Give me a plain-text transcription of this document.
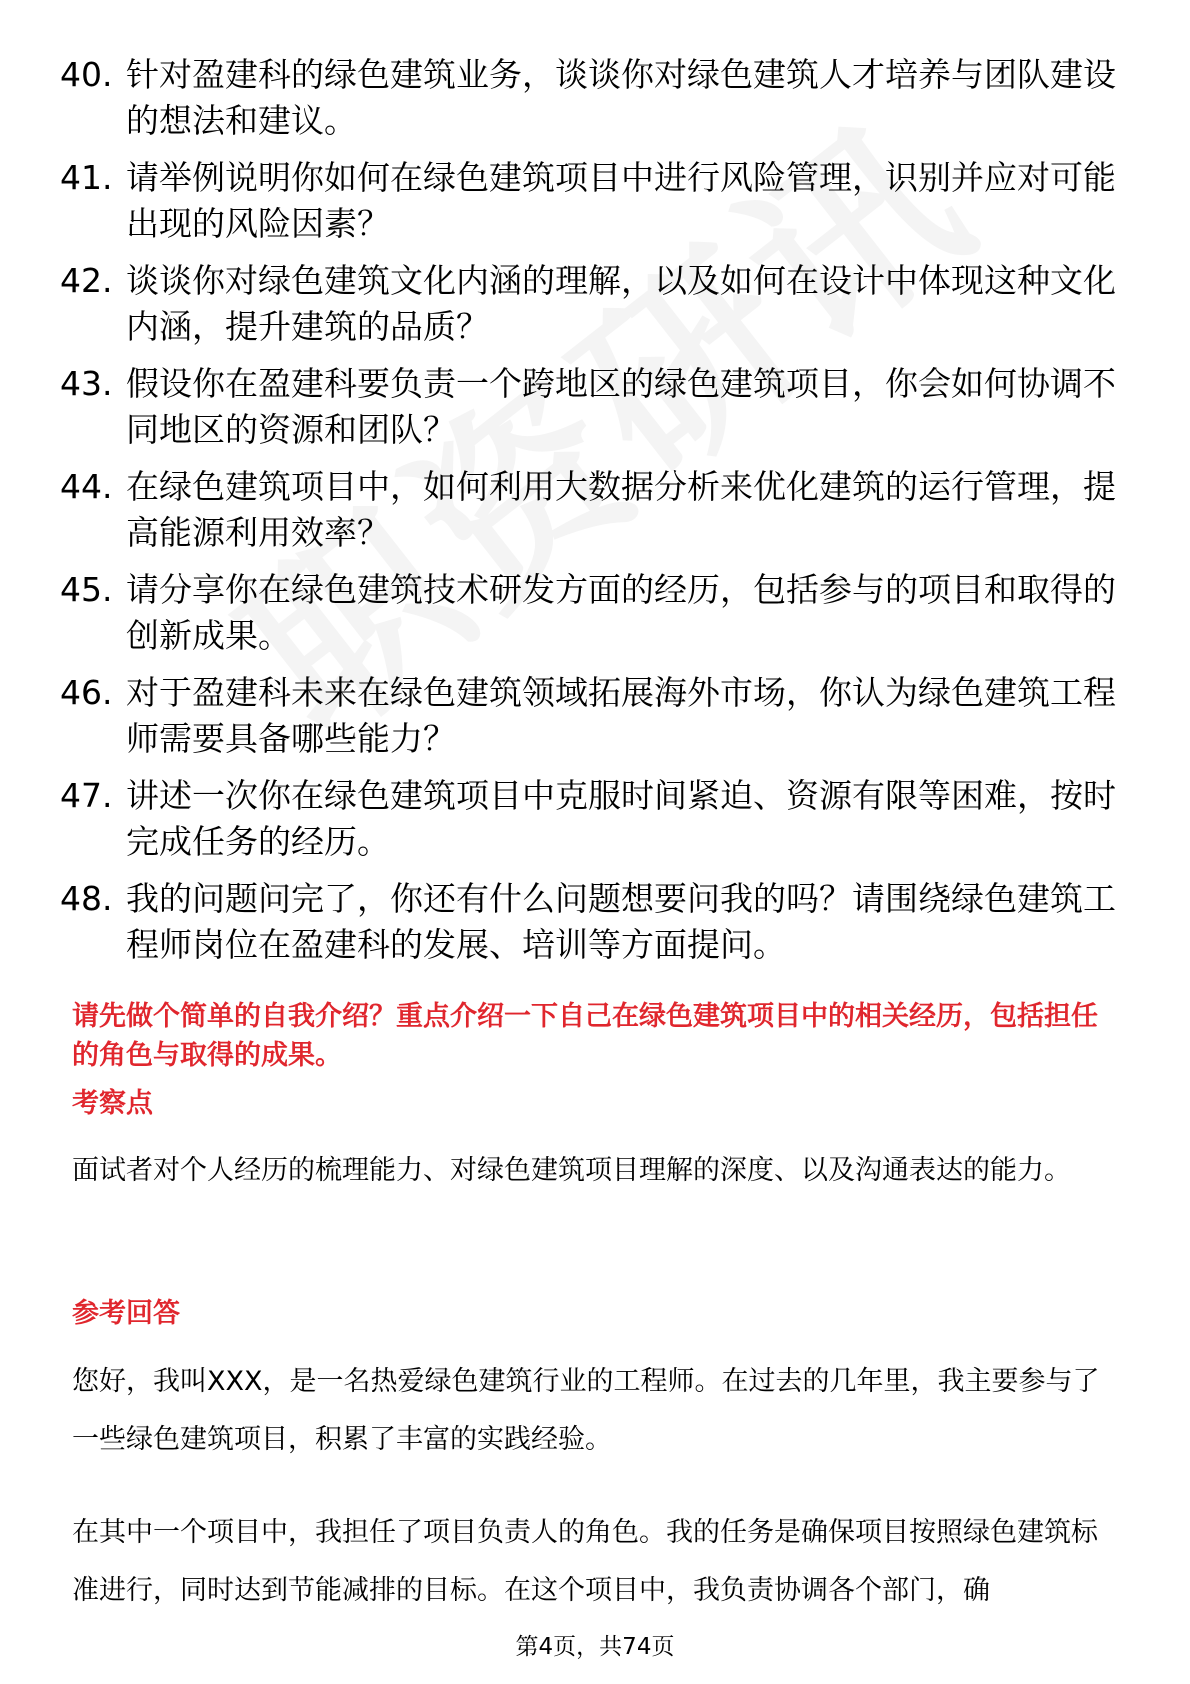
40. 针对盈建科的绿色建筑业务，谈谈你对绿色建筑人才培养与团队建设的想法和建议。
41. 请举例说明你如何在绿色建筑项目中进行风险管理，识别并应对可能出现的风险因素？
42. 谈谈你对绿色建筑文化内涵的理解，以及如何在设计中体现这种文化内涵，提升建筑的品质？
43. 假设你在盈建科要负责一个跨地区的绿色建筑项目，你会如何协调不同地区的资源和团队？
44. 在绿色建筑项目中，如何利用大数据分析来优化建筑的运行管理，提高能源利用效率？
45. 请分享你在绿色建筑技术研发方面的经历，包括参与的项目和取得的创新成果。
46. 对于盈建科未来在绿色建筑领域拓展海外市场，你认为绿色建筑工程师需要具备哪些能力？
47. 讲述一次你在绿色建筑项目中克服时间紧迫、资源有限等困难，按时完成任务的经历。
48. 我的问题问完了，你还有什么问题想要问我的吗？请围绕绿色建筑工程师岗位在盈建科的发展、培训等方面提问。
请先做个简单的自我介绍？重点介绍一下自己在绿色建筑项目中的相关经历，包括担任的角色与取得的成果。
考察点
面试者对个人经历的梳理能力、对绿色建筑项目理解的深度、以及沟通表达的能力。
参考回答
您好，我叫XXX，是一名热爱绿色建筑行业的工程师。在过去的几年里，我主要参与了一些绿色建筑项目，积累了丰富的实践经验。
在其中一个项目中，我担任了项目负责人的角色。我的任务是确保项目按照绿色建筑标准进行，同时达到节能减排的目标。在这个项目中，我负责协调各个部门，确
第4页，共74页
